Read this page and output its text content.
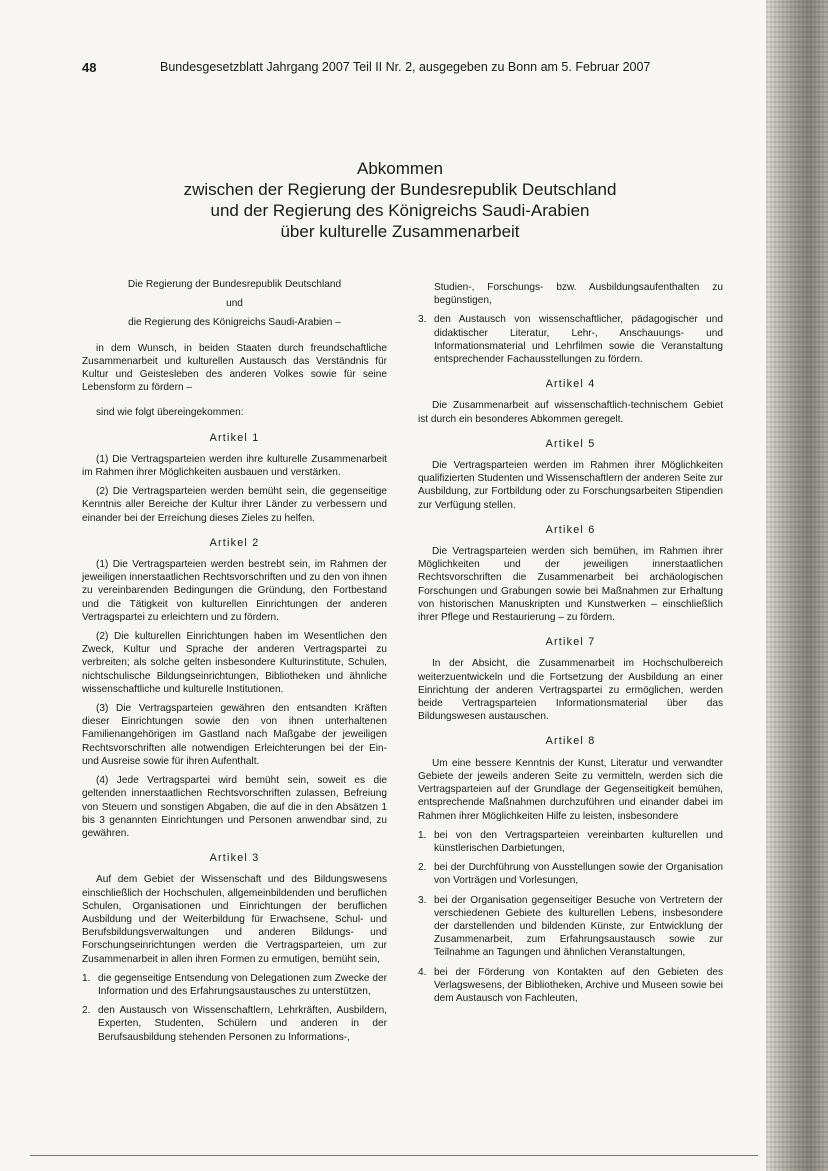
48	Bundesgesetzblatt Jahrgang 2007 Teil II Nr. 2, ausgegeben zu Bonn am 5. Februar 2007
Abkommen
zwischen der Regierung der Bundesrepublik Deutschland
und der Regierung des Königreichs Saudi-Arabien
über kulturelle Zusammenarbeit

Die Regierung der Bundesrepublik Deutschland

und

die Regierung des Königreichs Saudi-Arabien –

in dem Wunsch, in beiden Staaten durch freundschaftliche Zusammenarbeit und kulturellen Austausch das Verständnis für Kultur und Geistesleben des anderen Volkes sowie für seine Lebensform zu fördern –

sind wie folgt übereingekommen:

Artikel 1

(1) Die Vertragsparteien werden ihre kulturelle Zusammenarbeit im Rahmen ihrer Möglichkeiten ausbauen und verstärken.

(2) Die Vertragsparteien werden bemüht sein, die gegenseitige Kenntnis aller Bereiche der Kultur ihrer Länder zu verbessern und einander bei der Erreichung dieses Zieles zu helfen.

Artikel 2

(1) Die Vertragsparteien werden bestrebt sein, im Rahmen der jeweiligen innerstaatlichen Rechtsvorschriften und zu den von ihnen zu vereinbarenden Bedingungen die Gründung, den Fortbestand und die Tätigkeit von kulturellen Einrichtungen der anderen Vertragspartei zu erleichtern und zu fördern.

(2) Die kulturellen Einrichtungen haben im Wesentlichen den Zweck, Kultur und Sprache der anderen Vertragspartei zu verbreiten; als solche gelten insbesondere Kulturinstitute, Schulen, nichtschulische Bildungseinrichtungen, Bibliotheken und ähnliche wissenschaftliche und kulturelle Institutionen.

(3) Die Vertragsparteien gewähren den entsandten Kräften dieser Einrichtungen sowie den von ihnen unterhaltenen Familienangehörigen im Gastland nach Maßgabe der jeweiligen Rechtsvorschriften alle notwendigen Erleichterungen bei der Ein- und Ausreise sowie für ihren Aufenthalt.

(4) Jede Vertragspartei wird bemüht sein, soweit es die geltenden innerstaatlichen Rechtsvorschriften zulassen, Befreiung von Steuern und sonstigen Abgaben, die auf die in den Absätzen 1 bis 3 genannten Einrichtungen und Personen anwendbar sind, zu gewähren.

Artikel 3

Auf dem Gebiet der Wissenschaft und des Bildungswesens einschließlich der Hochschulen, allgemeinbildenden und beruflichen Schulen, Organisationen und Einrichtungen der beruflichen Ausbildung und der Weiterbildung für Erwachsene, Schul- und Berufsbildungsverwaltungen und anderen Bildungs- und Forschungseinrichtungen werden die Vertragsparteien, um zur Zusammenarbeit in allen ihren Formen zu ermutigen, bemüht sein,

1. die gegenseitige Entsendung von Delegationen zum Zwecke der Information und des Erfahrungsaustausches zu unterstützen,
2. den Austausch von Wissenschaftlern, Lehrkräften, Ausbildern, Experten, Studenten, Schülern und anderen in der Berufsausbildung stehenden Personen zu Informations-,
Studien-, Forschungs- bzw. Ausbildungsaufenthalten zu begünstigen,
3. den Austausch von wissenschaftlicher, pädagogischer und didaktischer Literatur, Lehr-, Anschauungs- und Informationsmaterial und Lehrfilmen sowie die Veranstaltung entsprechender Fachausstellungen zu fördern.
Artikel 4

Die Zusammenarbeit auf wissenschaftlich-technischem Gebiet ist durch ein besonderes Abkommen geregelt.

Artikel 5

Die Vertragsparteien werden im Rahmen ihrer Möglichkeiten qualifizierten Studenten und Wissenschaftlern der anderen Seite zur Ausbildung, zur Fortbildung oder zu Forschungsarbeiten Stipendien zur Verfügung stellen.

Artikel 6

Die Vertragsparteien werden sich bemühen, im Rahmen ihrer Möglichkeiten und der jeweiligen innerstaatlichen Rechtsvorschriften die Zusammenarbeit bei archäologischen Forschungen und Grabungen sowie bei Maßnahmen zur Erhaltung von historischen Manuskripten und Kunstwerken – einschließlich ihrer Pflege und Restaurierung – zu fördern.

Artikel 7

In der Absicht, die Zusammenarbeit im Hochschulbereich weiterzuentwickeln und die Fortsetzung der Ausbildung an einer Einrichtung der anderen Vertragspartei zu ermöglichen, werden beide Vertragsparteien Informationsmaterial über das Bildungswesen austauschen.

Artikel 8

Um eine bessere Kenntnis der Kunst, Literatur und verwandter Gebiete der jeweils anderen Seite zu vermitteln, werden sich die Vertragsparteien auf der Grundlage der Gegenseitigkeit bemühen, entsprechende Maßnahmen durchzuführen und einander dabei im Rahmen ihrer Möglichkeiten Hilfe zu leisten, insbesondere

1. bei von den Vertragsparteien vereinbarten kulturellen und künstlerischen Darbietungen,
2. bei der Durchführung von Ausstellungen sowie der Organisation von Vorträgen und Vorlesungen,
3. bei der Organisation gegenseitiger Besuche von Vertretern der verschiedenen Gebiete des kulturellen Lebens, insbesondere der darstellenden und bildenden Künste, zur Entwicklung der Zusammenarbeit, zum Erfahrungsaustausch sowie zur Teilnahme an Tagungen und ähnlichen Veranstaltungen,
4. bei der Förderung von Kontakten auf den Gebieten des Verlagswesens, der Bibliotheken, Archive und Museen sowie bei dem Austausch von Fachleuten,
